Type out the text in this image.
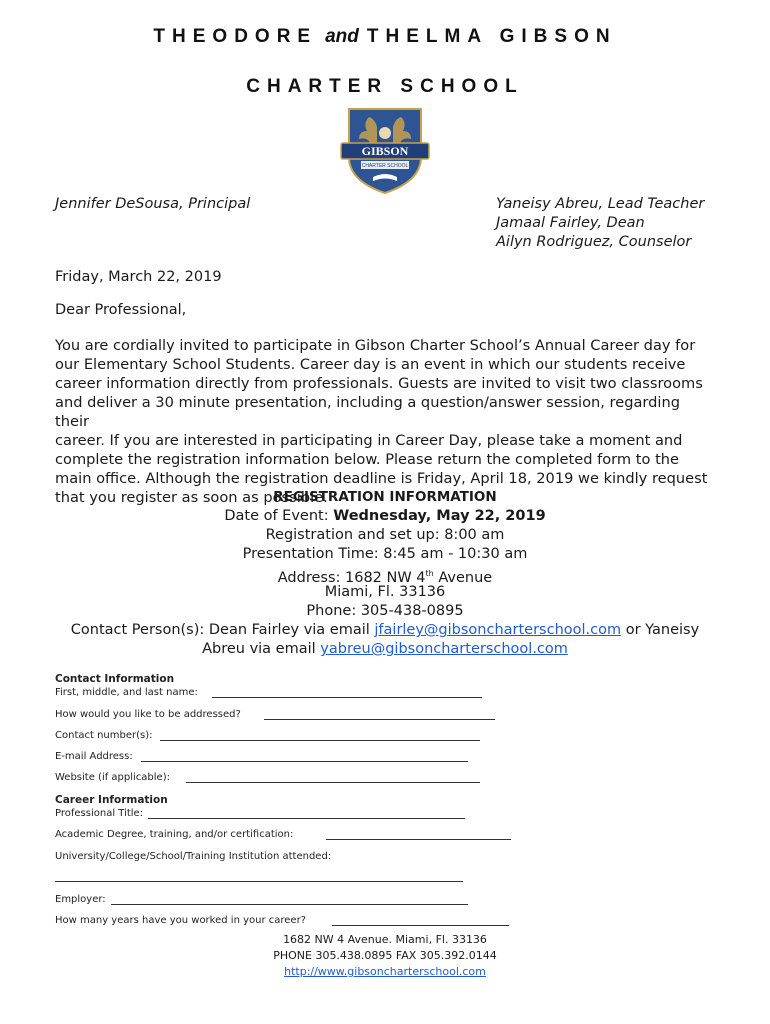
THEODORE and THELMA GIBSON
CHARTER SCHOOL
GIBSON
CHARTER SCHOOL
Jennifer DeSousa, Principal	Yaneisy Abreu, Lead Teacher
Jamaal Fairley, Dean
Ailyn Rodriguez, Counselor
Friday, March 22, 2019
Dear Professional,
You are cordially invited to participate in Gibson Charter School’s Annual Career day for
our Elementary School Students. Career day is an event in which our students receive
career information directly from professionals. Guests are invited to visit two classrooms
and deliver a 30 minute presentation, including a question/answer session, regarding their
career. If you are interested in participating in Career Day, please take a moment and
complete the registration information below. Please return the completed form to the
main office. Although the registration deadline is Friday, April 18, 2019 we kindly request
that you register as soon as possible.
REGISTRATION INFORMATION
Date of Event: Wednesday, May 22, 2019
Registration and set up: 8:00 am
Presentation Time: 8:45 am - 10:30 am
Address: 1682 NW 4th Avenue
Miami, Fl. 33136
Phone: 305-438-0895
Contact Person(s): Dean Fairley via email jfairley@gibsoncharterschool.com or Yaneisy
Abreu via email yabreu@gibsoncharterschool.com
Contact Information
First, middle, and last name:
How would you like to be addressed?
Contact number(s):
E-mail Address:
Website (if applicable):
Career Information
Professional Title:
Academic Degree, training, and/or certification:
University/College/School/Training Institution attended:
Employer:
How many years have you worked in your career?
1682 NW 4 Avenue. Miami, Fl. 33136
PHONE 305.438.0895 FAX 305.392.0144
http://www.gibsoncharterschool.com
